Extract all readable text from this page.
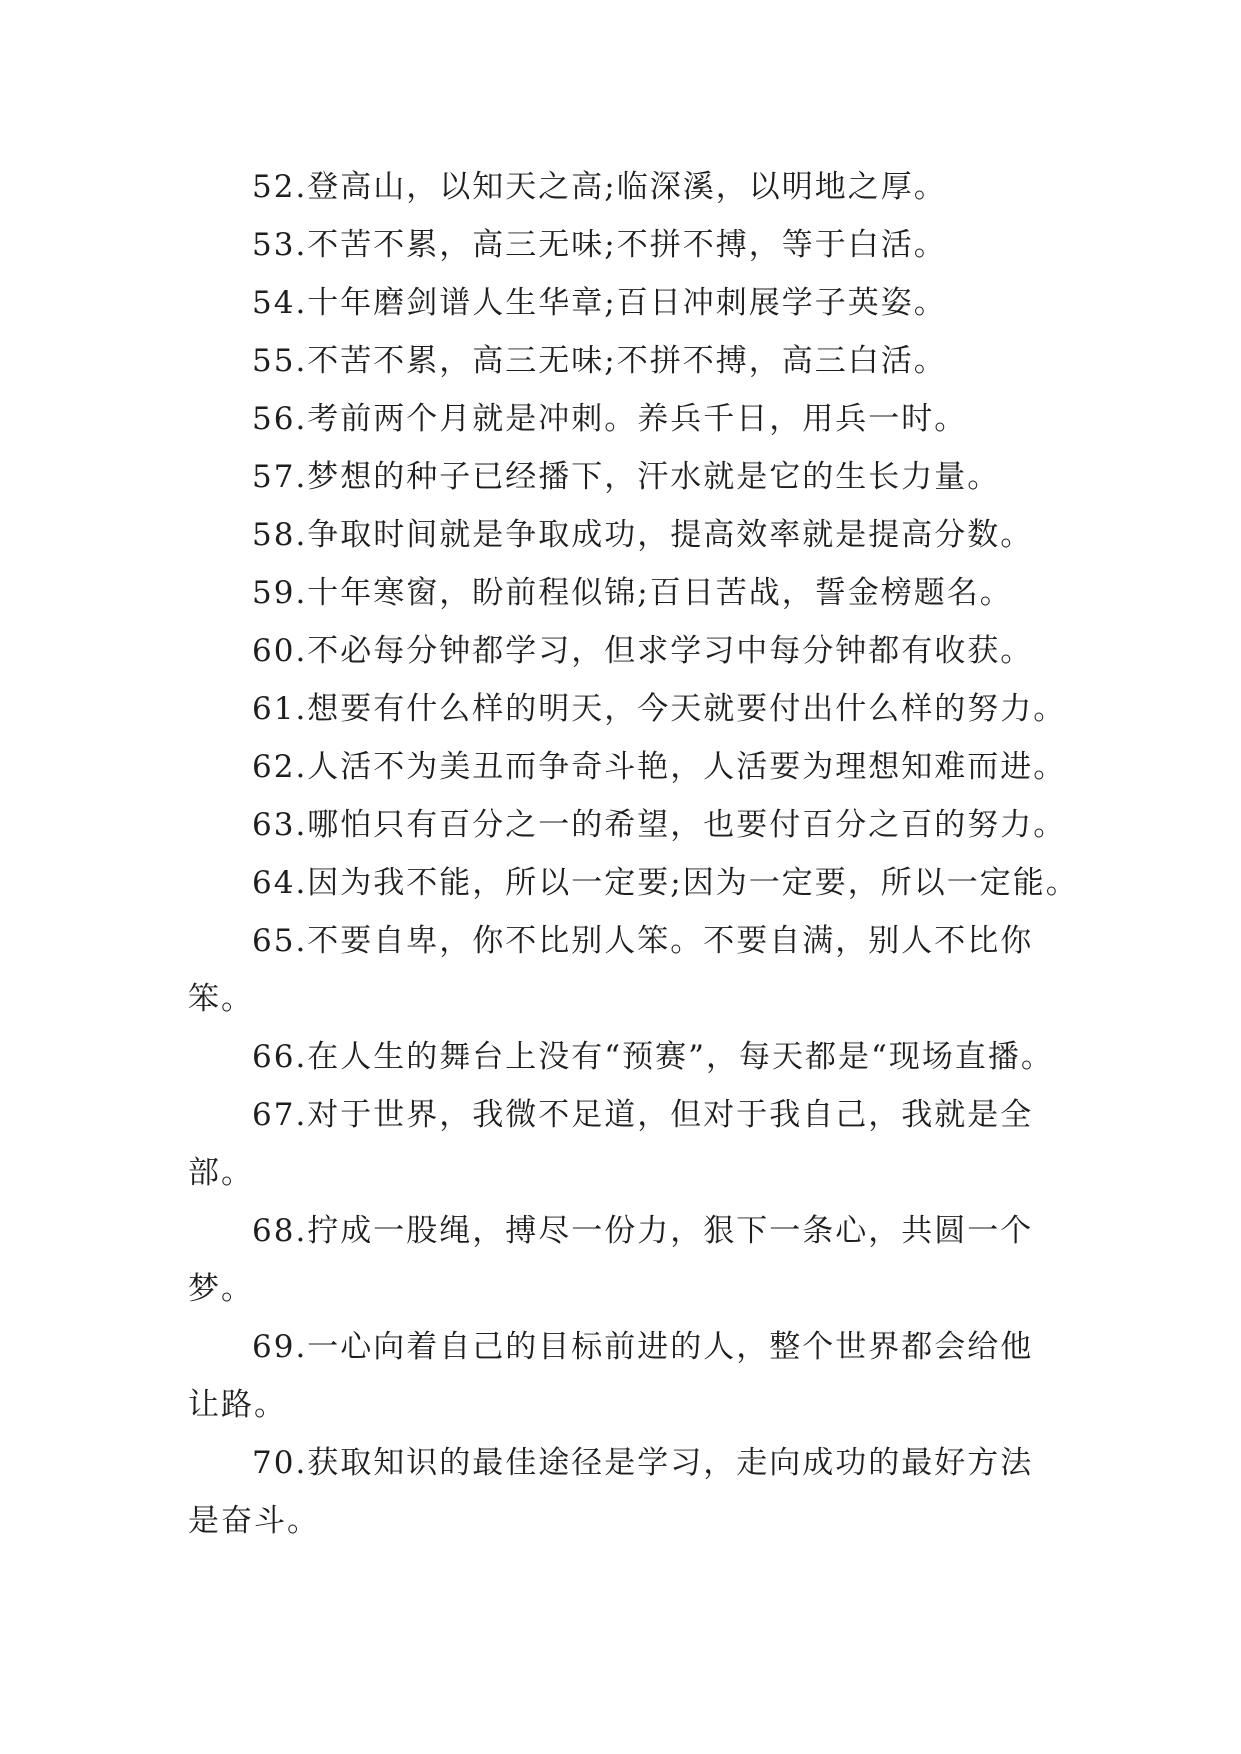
52.登高山，以知天之高;临深溪，以明地之厚。
53.不苦不累，高三无味;不拼不搏，等于白活。
54.十年磨剑谱人生华章;百日冲刺展学子英姿。
55.不苦不累，高三无味;不拼不搏，高三白活。
56.考前两个月就是冲刺。养兵千日，用兵一时。
57.梦想的种子已经播下，汗水就是它的生长力量。
58.争取时间就是争取成功，提高效率就是提高分数。
59.十年寒窗，盼前程似锦;百日苦战，誓金榜题名。
60.不必每分钟都学习，但求学习中每分钟都有收获。
61.想要有什么样的明天，今天就要付出什么样的努力。
62.人活不为美丑而争奇斗艳，人活要为理想知难而进。
63.哪怕只有百分之一的希望，也要付百分之百的努力。
64.因为我不能，所以一定要;因为一定要，所以一定能。
65.不要自卑，你不比别人笨。不要自满，别人不比你
笨。
66.在人生的舞台上没有“预赛”，每天都是“现场直播。
67.对于世界，我微不足道，但对于我自己，我就是全
部。
68.拧成一股绳，搏尽一份力，狠下一条心，共圆一个
梦。
69.一心向着自己的目标前进的人，整个世界都会给他
让路。
70.获取知识的最佳途径是学习，走向成功的最好方法
是奋斗。
